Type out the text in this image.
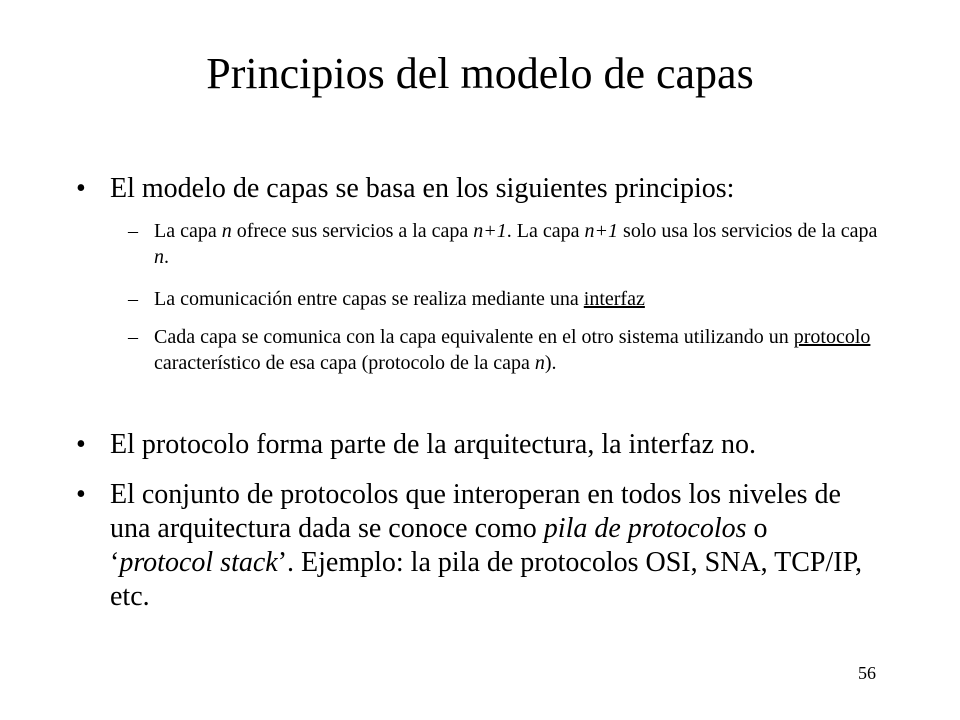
Principios del modelo de capas
• El modelo de capas se basa en los siguientes principios:
– La capa n ofrece sus servicios a la capa n+1. La capa n+1 solo usa los servicios de la capa n.
– La comunicación entre capas se realiza mediante una interfaz
– Cada capa se comunica con la capa equivalente en el otro sistema utilizando un protocolo característico de esa capa (protocolo de la capa n).
• El protocolo forma parte de la arquitectura, la interfaz no.
• El conjunto de protocolos que interoperan en todos los niveles de una arquitectura dada se conoce como pila de protocolos o ‘protocol stack’. Ejemplo: la pila de protocolos OSI, SNA, TCP/IP, etc.
56
